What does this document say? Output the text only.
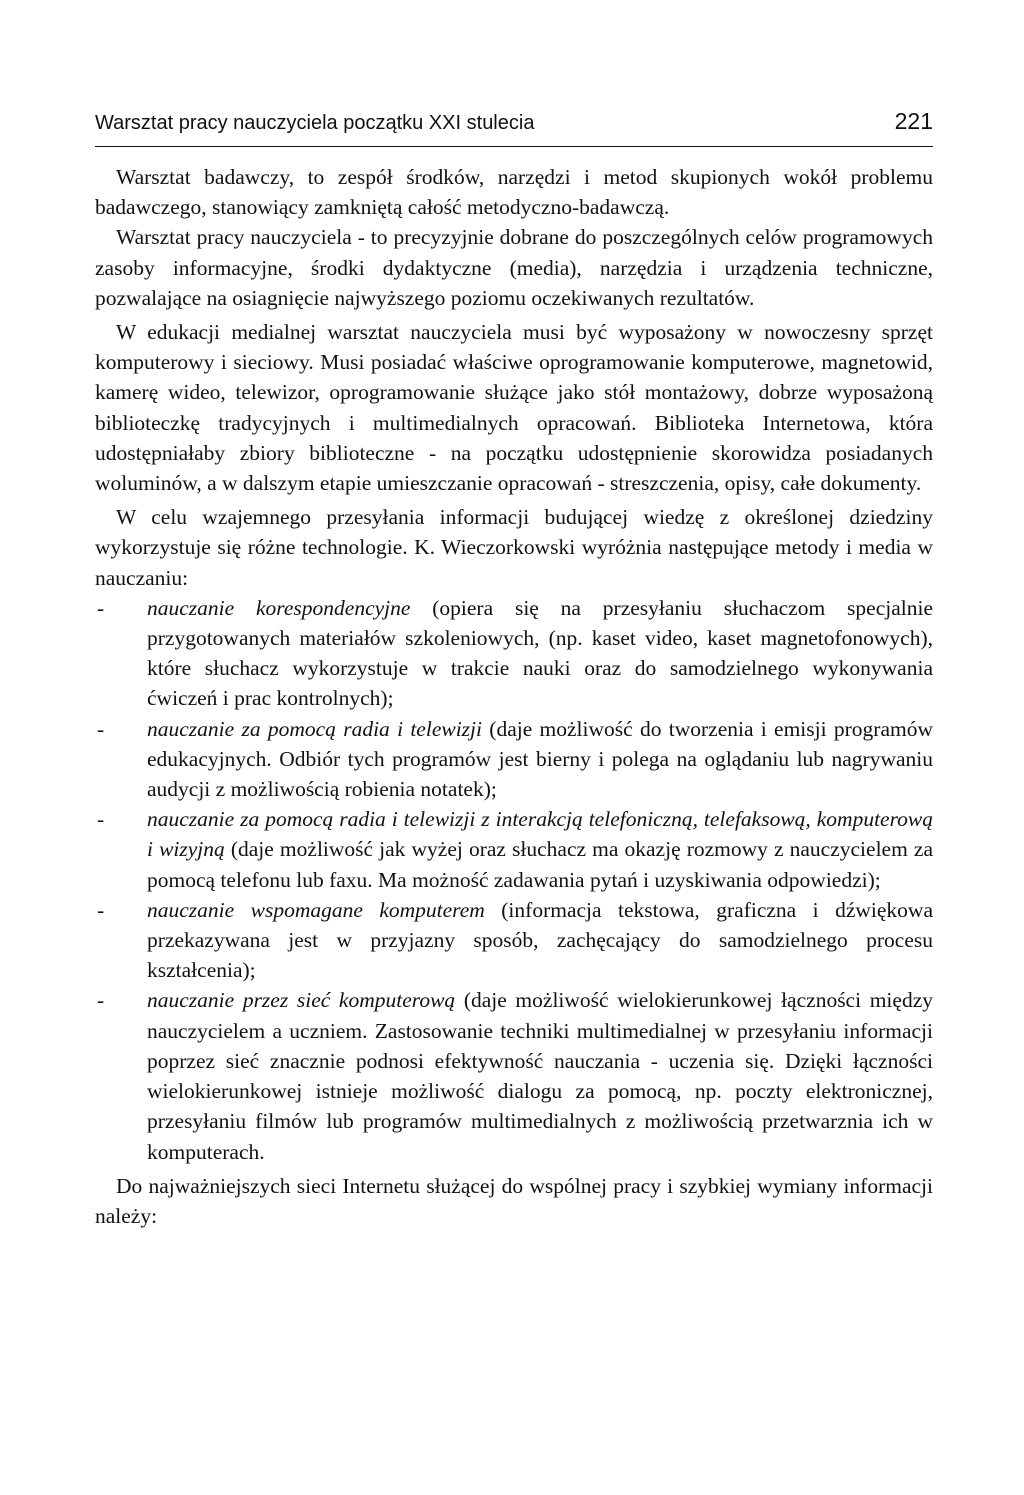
Warsztat pracy nauczyciela początku XXI stulecia	221

Warsztat badawczy, to zespół środków, narzędzi i metod skupionych wokół problemu badawczego, stanowiący zamkniętą całość metodyczno-badawczą.

Warsztat pracy nauczyciela - to precyzyjnie dobrane do poszczególnych celów programowych zasoby informacyjne, środki dydaktyczne (media), narzędzia i urządzenia techniczne, pozwalające na osiagnięcie najwyższego poziomu oczekiwanych rezultatów.

W edukacji medialnej warsztat nauczyciela musi być wyposażony w nowoczesny sprzęt komputerowy i sieciowy. Musi posiadać właściwe oprogramowanie komputerowe, magnetowid, kamerę wideo, telewizor, oprogramowanie służące jako stół montażowy, dobrze wyposażoną biblioteczkę tradycyjnych i multimedialnych opracowań. Biblioteka Internetowa, która udostępniałaby zbiory biblioteczne - na początku udostępnienie skorowidza posiadanych woluminów, a w dalszym etapie umieszczanie opracowań - streszczenia, opisy, całe dokumenty.

W celu wzajemnego przesyłania informacji budującej wiedzę z określonej dziedziny wykorzystuje się różne technologie. K. Wieczorkowski wyróżnia następujące metody i media w nauczaniu:

-	nauczanie korespondencyjne (opiera się na przesyłaniu słuchaczom specjalnie przygotowanych materiałów szkoleniowych, (np. kaset video, kaset magnetofonowych), które słuchacz wykorzystuje w trakcie nauki oraz do samodzielnego wykonywania ćwiczeń i prac kontrolnych);
-	nauczanie za pomocą radia i telewizji (daje możliwość do tworzenia i emisji programów edukacyjnych. Odbiór tych programów jest bierny i polega na oglądaniu lub nagrywaniu audycji z możliwością robienia notatek);
-	nauczanie za pomocą radia i telewizji z interakcją telefoniczną, telefaksową, komputerową i wizyjną (daje możliwość jak wyżej oraz słuchacz ma okazję rozmowy z nauczycielem za pomocą telefonu lub faxu. Ma możność zadawania pytań i uzyskiwania odpowiedzi);
-	nauczanie wspomagane komputerem (informacja tekstowa, graficzna i dźwiękowa przekazywana jest w przyjazny sposób, zachęcający do samodzielnego procesu kształcenia);
-	nauczanie przez sieć komputerową (daje możliwość wielokierunkowej łączności między nauczycielem a uczniem. Zastosowanie techniki multimedialnej w przesyłaniu informacji poprzez sieć znacznie podnosi efektywność nauczania - uczenia się. Dzięki łączności wielokierunkowej istnieje możliwość dialogu za pomocą, np. poczty elektronicznej, przesyłaniu filmów lub programów multimedialnych z możliwością przetwarznia ich w komputerach.

Do najważniejszych sieci Internetu służącej do wspólnej pracy i szybkiej wymiany informacji należy:
